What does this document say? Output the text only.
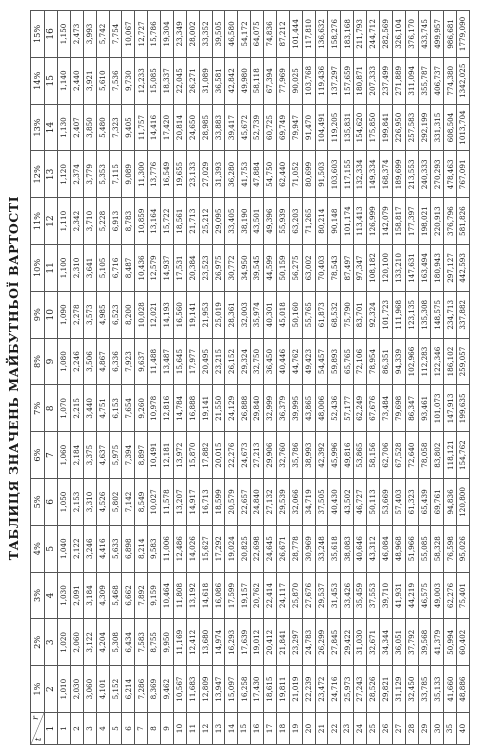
ТАБЛИЦЯ ЗНАЧЕНЬ МАЙБУТНЬОЇ ВАРТОСТІ
r
t	1%	2%	3%	4%	5%	6%	7%	8%	9%	10%	11%	12%	13%	14%	15%
1	2	3	4	5	6	7	8	9	10	11	12	13	14	15	16
1	1,010	1,020	1,030	1,040	1,050	1,060	1,070	1,080	1,090	1,100	1,110	1,120	1,130	1,140	1,150
2	2,030	2,060	2,091	2,122	2,153	2,184	2,215	2,246	2,278	2,310	2,342	2,374	2,407	2,440	2,473
3	3,060	3,122	3,184	3,246	3,310	3,375	3,440	3,506	3,573	3,641	3,710	3,779	3,850	3,921	3,993
4	4,101	4,204	4,309	4,416	4,526	4,637	4,751	4,867	4,985	5,105	5,228	5,353	5,480	5,610	5,742
5	5,152	5,308	5,468	5,633	5,802	5,975	6,153	6,336	6,523	6,716	6,913	7,115	7,323	7,536	7,754
6	6,214	6,434	6,662	6,898	7,142	7,394	7,654	7,923	8,200	8,487	8,783	9,089	9,405	9,730	10,067
7	7,286	7,583	7,892	8,214	8,549	8,897	9,260	9,637	10,028	10,436	10,859	11,300	11,757	12,233	12,727
8	8,369	8,755	9,159	9,583	10,027	10,491	10,978	11,488	12,021	12,579	13,164	13,776	14,416	15,085	15,786
9	9,462	9,950	10,464	11,006	11,578	12,181	12,816	13,487	14,193	14,937	15,722	16,549	17,420	18,337	19,304
10	10,567	11,169	11,808	12,486	13,207	13,972	14,784	15,645	16,560	17,531	18,561	19,655	20,814	22,045	23,349
11	11,683	12,412	13,192	14,026	14,917	15,870	16,888	17,977	19,141	20,384	21,713	23,133	24,650	26,271	28,002
12	12,809	13,680	14,618	15,627	16,713	17,882	19,141	20,495	21,953	23,523	25,212	27,029	28,985	31,089	33,352
13	13,947	14,974	16,086	17,292	18,599	20,015	21,550	23,215	25,019	26,975	29,095	31,393	33,883	36,581	39,505
14	15,097	16,293	17,599	19,024	20,579	22,276	24,129	26,152	28,361	30,772	33,405	36,280	39,417	42,842	46,580
15	16,258	17,639	19,157	20,825	22,657	24,673	26,888	29,324	32,003	34,950	38,190	41,753	45,672	49,980	54,172
16	17,430	19,012	20,762	22,698	24,840	27,213	29,840	32,750	35,974	39,545	43,501	47,884	52,739	58,118	64,075
17	18,615	20,412	22,414	24,645	27,132	29,906	32,999	36,450	40,301	44,599	49,396	54,750	60,725	67,394	74,836
18	19,811	21,841	24,117	26,671	29,539	32,760	36,379	40,446	45,018	50,159	55,939	62,440	69,749	77,969	87,212
19	21,019	23,297	25,870	28,778	32,066	35,786	39,995	44,762	50,160	56,275	63,203	71,052	79,947	90,025	101,444
20	22,239	24,783	27,676	30,969	34,719	38,993	43,865	49,423	55,765	63,002	71,265	80,699	91,470	103,768	117,810
21	23,472	26,299	29,537	33,248	37,505	42,392	48,006	54,457	61,873	70,403	80,214	91,503	104,491	119,436	136,632
22	24,716	27,845	31,453	35,618	40,430	45,996	52,436	59,893	68,532	78,543	90,148	103,603	119,205	137,297	158,276
23	25,973	29,422	33,426	38,083	43,502	49,816	57,177	65,765	75,790	87,497	101,174	117,155	135,831	157,659	183,168
24	27,243	31,030	35,459	40,646	46,727	53,865	62,249	72,106	83,701	97,347	113,413	132,334	154,620	180,871	211,793
25	28,526	32,671	37,553	43,312	50,113	58,156	67,676	78,954	92,324	108,182	126,999	149,334	175,850	207,333	244,712
26	29,821	34,344	39,710	46,084	53,669	62,706	73,484	86,351	101,723	120,100	142,079	168,374	199,841	237,499	282,569
27	31,129	36,051	41,931	48,968	57,403	67,528	79,698	94,339	111,968	133,210	158,817	189,699	226,950	271,889	326,104
28	32,450	37,792	44,219	51,966	61,323	72,640	86,347	102,966	123,135	147,631	177,397	213,553	257,583	311,094	376,170
29	33,785	39,568	46,575	55,085	65,439	78,058	93,461	112,283	135,308	163,494	198,021	240,333	292,199	355,787	433,745
30	35,133	41,379	49,003	58,328	69,761	83,802	101,073	122,346	148,575	180,943	220,913	270,293	331,315	406,737	499,957
35	41,660	50,994	62,276	76,598	94,836	118,121	147,913	186,102	234,713	297,127	376,796	478,463	608,504	774,380	986,681
40	48,886	60,402	75,401	95,026	120,800	154,762	199,635	259,057	337,882	442,593	581,826	767,091	1013,704	1342,025	1779,090
